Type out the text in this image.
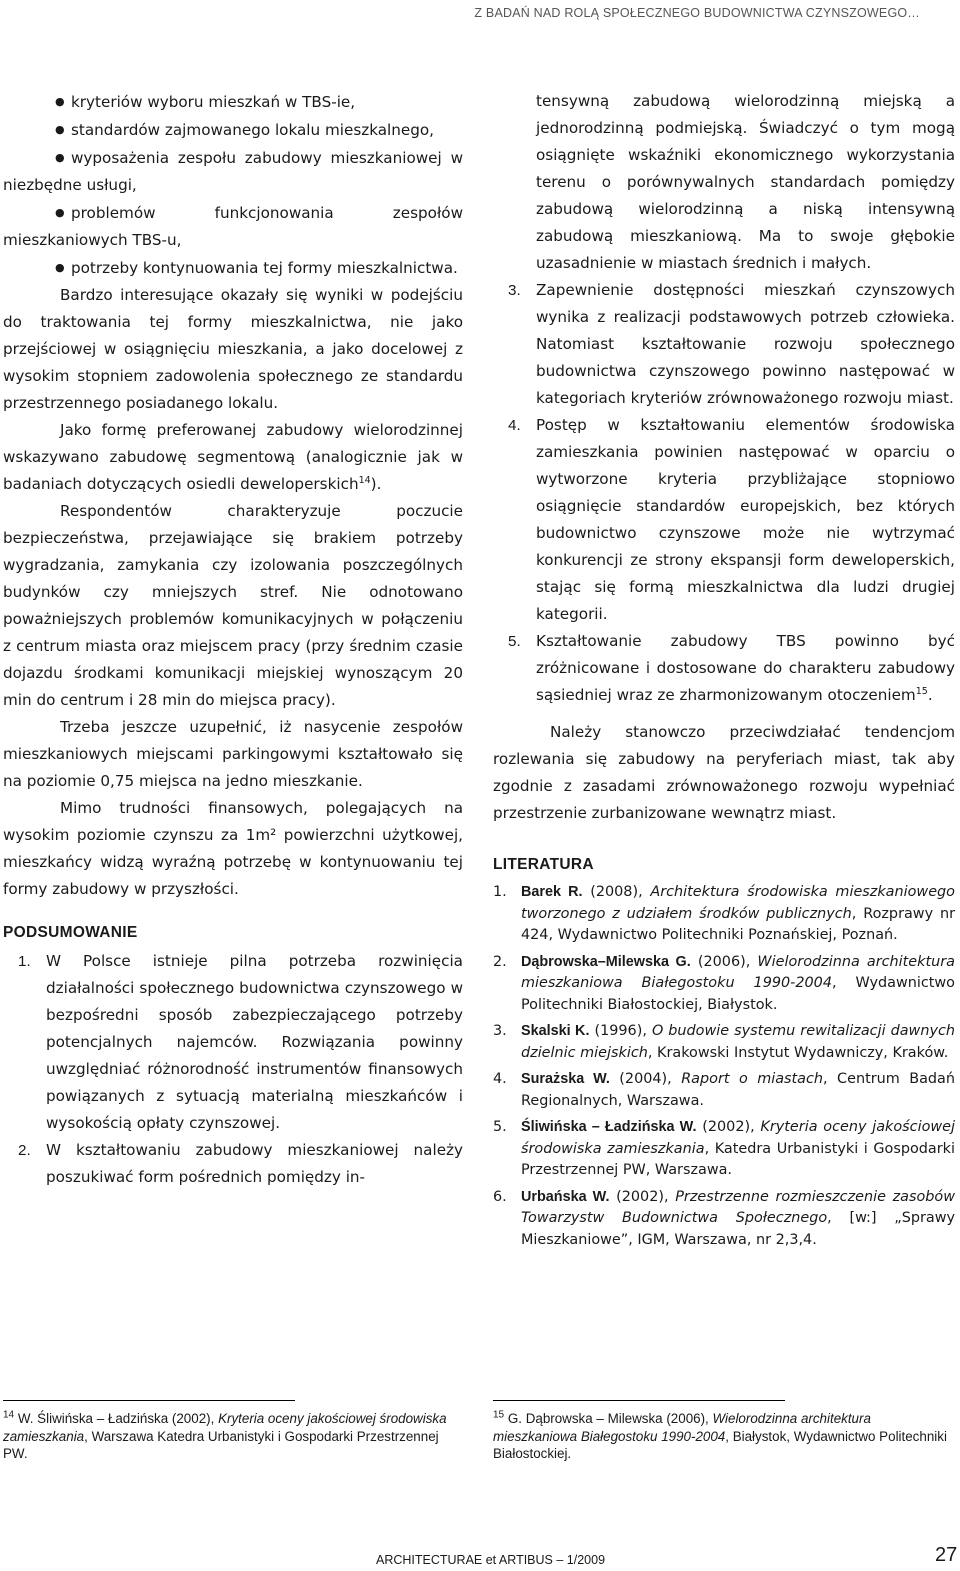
Z BADAŃ NAD ROLĄ SPOŁECZNEGO BUDOWNICTWA CZYNSZOWEGO…
● kryteriów wyboru mieszkań w TBS-ie,
● standardów zajmowanego lokalu mieszkalnego,
● wyposażenia zespołu zabudowy mieszkaniowej w niezbędne usługi,
● problemów funkcjonowania zespołów mieszkaniowych TBS-u,
● potrzeby kontynuowania tej formy mieszkalnictwa.

Bardzo interesujące okazały się wyniki w podejściu do traktowania tej formy mieszkalnictwa, nie jako przejściowej w osiągnięciu mieszkania, a jako docelowej z wysokim stopniem zadowolenia społecznego ze standardu przestrzennego posiadanego lokalu.

Jako formę preferowanej zabudowy wielorodzinnej wskazywano zabudowę segmentową (analogicznie jak w badaniach dotyczących osiedli deweloperskich$^{14}$).

Respondentów charakteryzuje poczucie bezpieczeństwa, przejawiające się brakiem potrzeby wygradzania, zamykania czy izolowania poszczególnych budynków czy mniejszych stref. Nie odnotowano poważniejszych problemów komunikacyjnych w połączeniu z centrum miasta oraz miejscem pracy (przy średnim czasie dojazdu środkami komunikacji miejskiej wynoszącym 20 min do centrum i 28 min do miejsca pracy).

Trzeba jeszcze uzupełnić, iż nasycenie zespołów mieszkaniowych miejscami parkingowymi kształtowało się na poziomie 0,75 miejsca na jedno mieszkanie.

Mimo trudności finansowych, polegających na wysokim poziomie czynszu za 1m² powierzchni użytkowej, mieszkańcy widzą wyraźną potrzebę w kontynuowaniu tej formy zabudowy w przyszłości.

PODSUMOWANIE
1. W Polsce istnieje pilna potrzeba rozwinięcia działalności społecznego budownictwa czynszowego w bezpośredni sposób zabezpieczającego potrzeby potencjalnych najemców. Rozwiązania powinny uwzględniać różnorodność instrumentów finansowych powiązanych z sytuacją materialną mieszkańców i wysokością opłaty czynszowej.
2. W kształtowaniu zabudowy mieszkaniowej należy poszukiwać form pośrednich pomiędzy in-

tensywną zabudową wielorodzinną miejską a jednorodzinną podmiejską. Świadczyć o tym mogą osiągnięte wskaźniki ekonomicznego wykorzystania terenu o porównywalnych standardach pomiędzy zabudową wielorodzinną a niską intensywną zabudową mieszkaniową. Ma to swoje głębokie uzasadnienie w miastach średnich i małych.

3. Zapewnienie dostępności mieszkań czynszowych wynika z realizacji podstawowych potrzeb człowieka. Natomiast kształtowanie rozwoju społecznego budownictwa czynszowego powinno następować w kategoriach kryteriów zrównoważonego rozwoju miast.
4. Postęp w kształtowaniu elementów środowiska zamieszkania powinien następować w oparciu o wytworzone kryteria przybliżające stopniowo osiągnięcie standardów europejskich, bez których budownictwo czynszowe może nie wytrzymać konkurencji ze strony ekspansji form deweloperskich, stając się formą mieszkalnictwa dla ludzi drugiej kategorii.
5. Kształtowanie zabudowy TBS powinno być zróżnicowane i dostosowane do charakteru zabudowy sąsiedniej wraz ze zharmonizowanym otoczeniem$^{15}$.

Należy stanowczo przeciwdziałać tendencjom rozlewania się zabudowy na peryferiach miast, tak aby zgodnie z zasadami zrównoważonego rozwoju wypełniać przestrzenie zurbanizowane wewnątrz miast.

LITERATURA
1. Barek R. (2008), Architektura środowiska mieszkaniowego tworzonego z udziałem środków publicznych, Rozprawy nr 424, Wydawnictwo Politechniki Poznańskiej, Poznań.
2. Dąbrowska–Milewska G. (2006), Wielorodzinna architektura mieszkaniowa Białegostoku 1990-2004, Wydawnictwo Politechniki Białostockiej, Białystok.
3. Skalski K. (1996), O budowie systemu rewitalizacji dawnych dzielnic miejskich, Krakowski Instytut Wydawniczy, Kraków.
4. Surażska W. (2004), Raport o miastach, Centrum Badań Regionalnych, Warszawa.
5. Śliwińska – Ładzińska W. (2002), Kryteria oceny jakościowej środowiska zamieszkania, Katedra Urbanistyki i Gospodarki Przestrzennej PW, Warszawa.
6. Urbańska W. (2002), Przestrzenne rozmieszczenie zasobów Towarzystw Budownictwa Społecznego, [w:] „Sprawy Mieszkaniowe”, IGM, Warszawa, nr 2,3,4.
$^{14}$ W. Śliwińska – Ładzińska (2002), Kryteria oceny jakościowej środowiska zamieszkania, Warszawa Katedra Urbanistyki i Gospodarki Przestrzennej PW.
$^{15}$ G. Dąbrowska – Milewska (2006), Wielorodzinna architektura mieszkaniowa Białegostoku 1990-2004, Białystok, Wydawnictwo Politechniki Białostockiej.
ARCHITECTURAE et ARTIBUS – 1/2009	27
